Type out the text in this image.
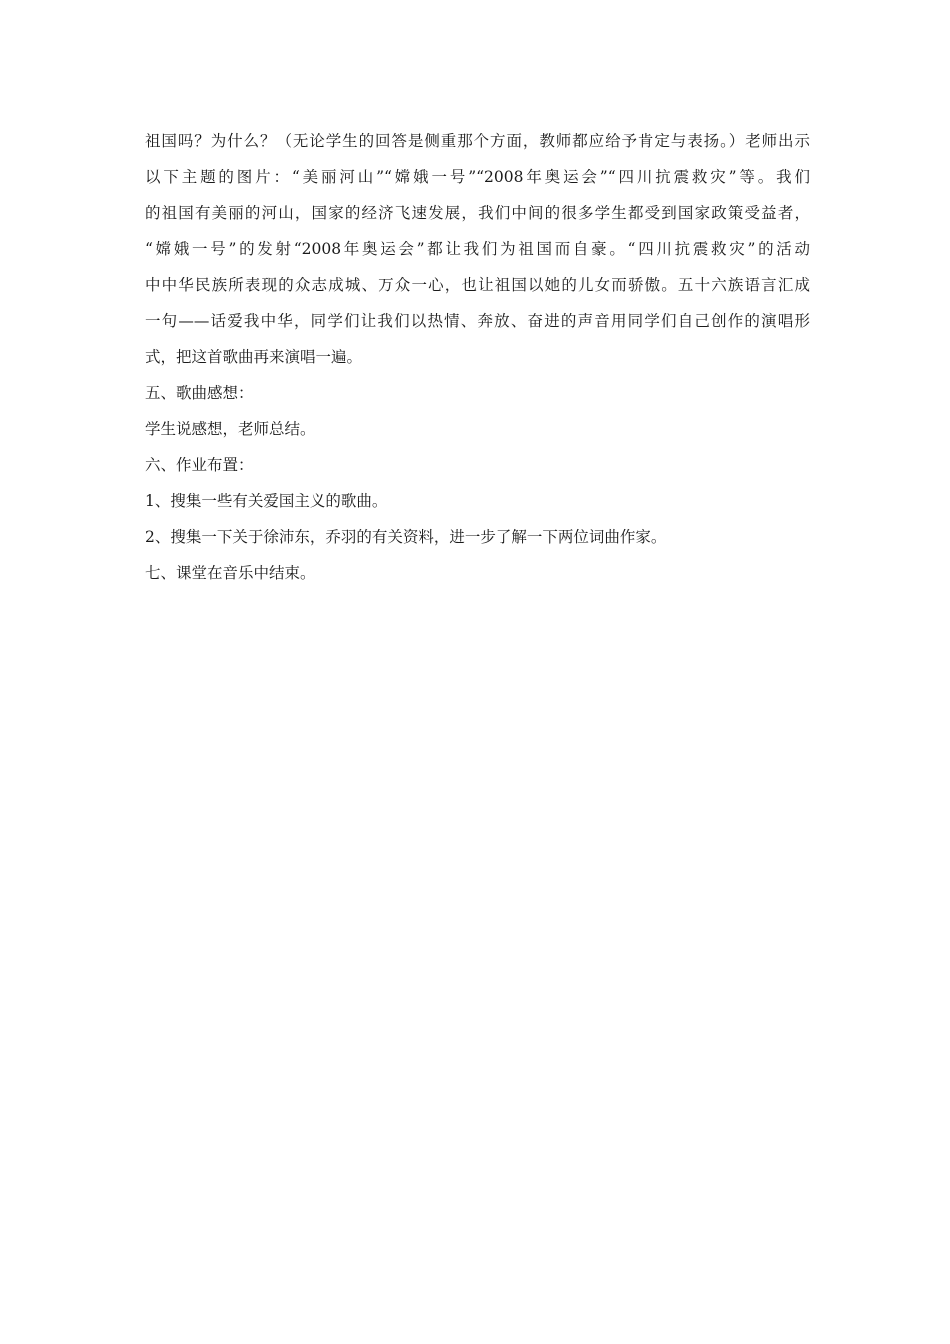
祖国吗？为什么？（无论学生的回答是侧重那个方面，教师都应给予肯定与表扬。）老师出示
以下主题的图片：“美丽河山”“嫦娥一号”“2008年奥运会”“四川抗震救灾”等。我们
的祖国有美丽的河山，国家的经济飞速发展，我们中间的很多学生都受到国家政策受益者，
“嫦娥一号”的发射“2008年奥运会”都让我们为祖国而自豪。“四川抗震救灾”的活动
中中华民族所表现的众志成城、万众一心，也让祖国以她的儿女而骄傲。五十六族语言汇成
一句——话爱我中华，同学们让我们以热情、奔放、奋进的声音用同学们自己创作的演唱形
式，把这首歌曲再来演唱一遍。
五、歌曲感想：
学生说感想，老师总结。
六、作业布置：
1、搜集一些有关爱国主义的歌曲。
2、搜集一下关于徐沛东，乔羽的有关资料，进一步了解一下两位词曲作家。
七、课堂在音乐中结束。
